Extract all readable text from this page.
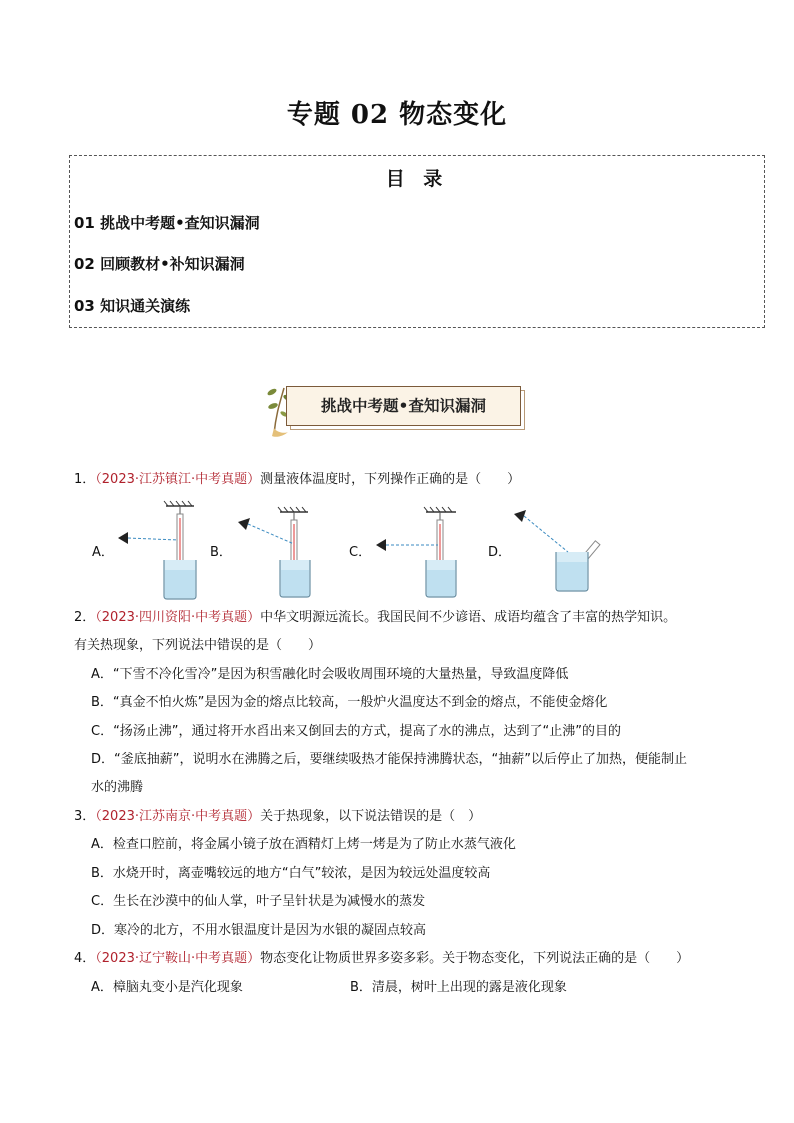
专题 02 物态变化
目 录
01 挑战中考题•查知识漏洞
02 回顾教材•补知识漏洞
03 知识通关演练
挑战中考题•查知识漏洞
1．（2023·江苏镇江·中考真题）测量液体温度时，下列操作正确的是（　　）
A．	B．	C．	D．
2．（2023·四川资阳·中考真题）中华文明源远流长。我国民间不少谚语、成语均蕴含了丰富的热学知识。
有关热现象，下列说法中错误的是（　　）
A．“下雪不冷化雪冷”是因为积雪融化时会吸收周围环境的大量热量，导致温度降低
B．“真金不怕火炼”是因为金的熔点比较高，一般炉火温度达不到金的熔点，不能使金熔化
C．“扬汤止沸”，通过将开水舀出来又倒回去的方式，提高了水的沸点，达到了“止沸”的目的
D．“釜底抽薪”，说明水在沸腾之后，要继续吸热才能保持沸腾状态，“抽薪”以后停止了加热，便能制止
水的沸腾
3．（2023·江苏南京·中考真题）关于热现象，以下说法错误的是（　）
A．检查口腔前，将金属小镜子放在酒精灯上烤一烤是为了防止水蒸气液化
B．水烧开时，离壶嘴较远的地方“白气”较浓，是因为较远处温度较高
C．生长在沙漠中的仙人掌，叶子呈针状是为减慢水的蒸发
D．寒冷的北方，不用水银温度计是因为水银的凝固点较高
4．（2023·辽宁鞍山·中考真题）物态变化让物质世界多姿多彩。关于物态变化，下列说法正确的是（　　）
A．樟脑丸变小是汽化现象	B．清晨，树叶上出现的露是液化现象
